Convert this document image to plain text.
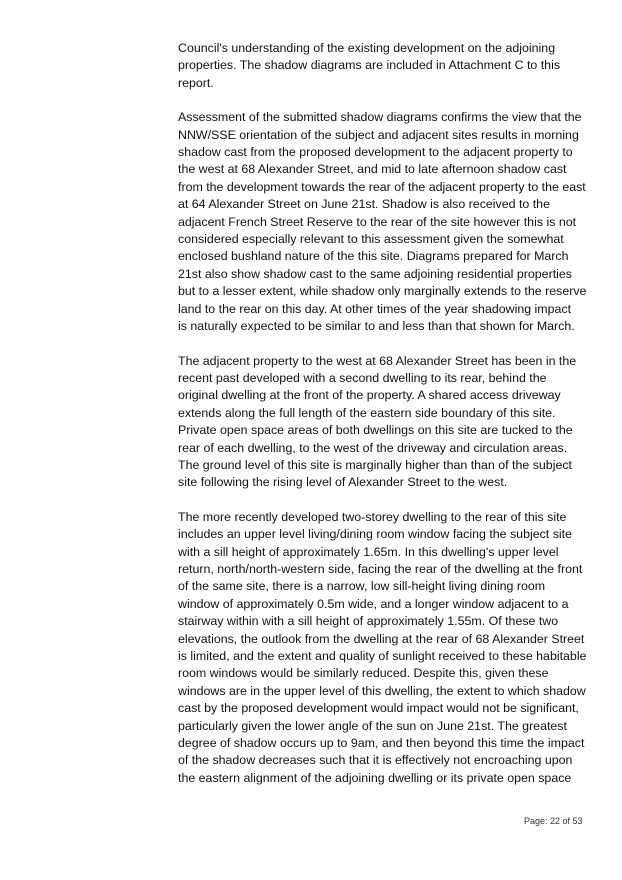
Council's understanding of the existing development on the adjoining
properties. The shadow diagrams are included in Attachment C to this
report.

Assessment of the submitted shadow diagrams confirms the view that the
NNW/SSE orientation of the subject and adjacent sites results in morning
shadow cast from the proposed development to the adjacent property to
the west at 68 Alexander Street, and mid to late afternoon shadow cast
from the development towards the rear of the adjacent property to the east
at 64 Alexander Street on June 21st. Shadow is also received to the
adjacent French Street Reserve to the rear of the site however this is not
considered especially relevant to this assessment given the somewhat
enclosed bushland nature of the this site. Diagrams prepared for March
21st also show shadow cast to the same adjoining residential properties
but to a lesser extent, while shadow only marginally extends to the reserve
land to the rear on this day. At other times of the year shadowing impact
is naturally expected to be similar to and less than that shown for March.

The adjacent property to the west at 68 Alexander Street has been in the
recent past developed with a second dwelling to its rear, behind the
original dwelling at the front of the property. A shared access driveway
extends along the full length of the eastern side boundary of this site.
Private open space areas of both dwellings on this site are tucked to the
rear of each dwelling, to the west of the driveway and circulation areas.
The ground level of this site is marginally higher than than of the subject
site following the rising level of Alexander Street to the west.

The more recently developed two-storey dwelling to the rear of this site
includes an upper level living/dining room window facing the subject site
with a sill height of approximately 1.65m. In this dwelling's upper level
return, north/north-western side, facing the rear of the dwelling at the front
of the same site, there is a narrow, low sill-height living dining room
window of approximately 0.5m wide, and a longer window adjacent to a
stairway within with a sill height of approximately 1.55m. Of these two
elevations, the outlook from the dwelling at the rear of 68 Alexander Street
is limited, and the extent and quality of sunlight received to these habitable
room windows would be similarly reduced. Despite this, given these
windows are in the upper level of this dwelling, the extent to which shadow
cast by the proposed development would impact would not be significant,
particularly given the lower angle of the sun on June 21st. The greatest
degree of shadow occurs up to 9am, and then beyond this time the impact
of the shadow decreases such that it is effectively not encroaching upon
the eastern alignment of the adjoining dwelling or its private open space

Page: 22 of 53
